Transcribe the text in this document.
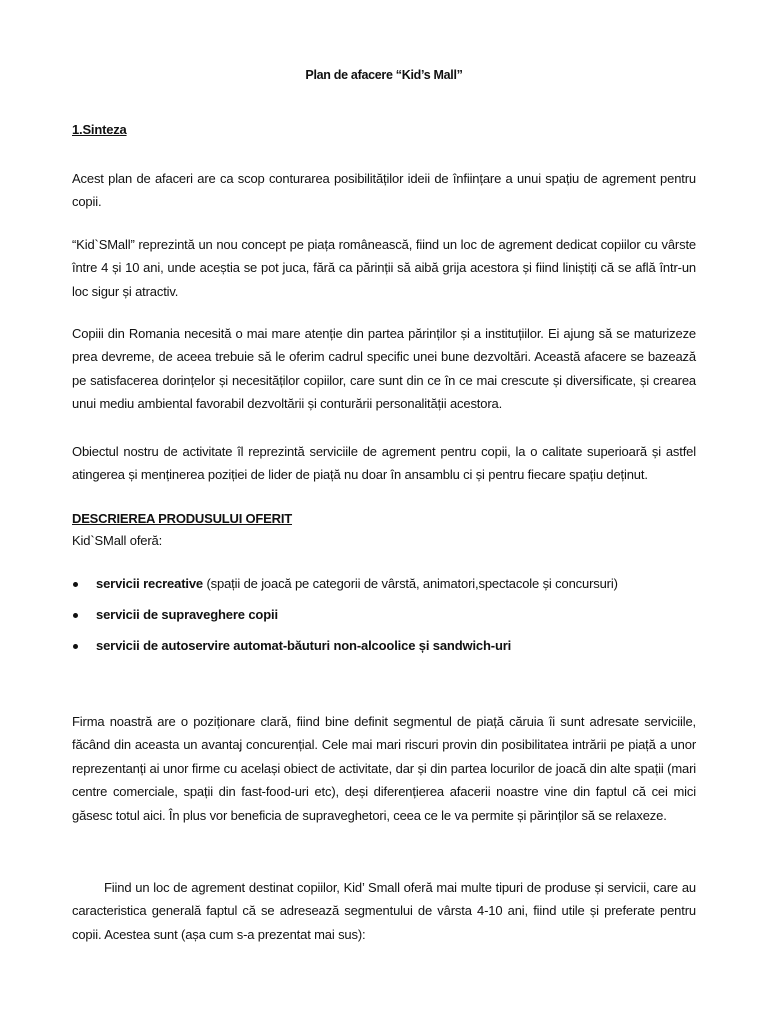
Plan de afacere “Kid’s Mall”
1.Sinteza
Acest plan de afaceri are ca scop conturarea posibilităților ideii de înființare a unui spațiu de agrement pentru copii.
“Kid`SMall” reprezintă un nou concept pe piața românească, fiind un loc de agrement dedicat copiilor cu vârste între 4 și 10 ani, unde aceștia se pot juca, fără ca părinții să aibă grija acestora și fiind liniștiți că se află într-un loc sigur și atractiv.
Copiii din Romania necesită o mai mare atenție din partea părinților și a instituțiilor. Ei ajung să se maturizeze prea devreme, de aceea trebuie să le oferim cadrul specific unei bune dezvoltări. Această afacere se bazează pe satisfacerea dorințelor și necesităților copiilor, care sunt din ce în ce mai crescute și diversificate, și crearea unui mediu ambiental favorabil dezvoltării și conturării personalității acestora.
Obiectul nostru de activitate îl reprezintă serviciile de agrement pentru copii, la o calitate superioară și astfel atingerea și menținerea poziției de lider de piață nu doar în ansamblu ci și pentru fiecare spațiu deținut.
DESCRIEREA PRODUSULUI OFERIT
Kid`SMall oferă:
servicii recreative (spații de joacă pe categorii de vârstă, animatori,spectacole și concursuri)
servicii de supraveghere copii
servicii de autoservire automat-băuturi non-alcoolice și sandwich-uri
Firma noastră are o poziționare clară, fiind bine definit segmentul de piață căruia îi sunt adresate serviciile, făcând din aceasta un avantaj concurențial. Cele mai mari riscuri provin din posibilitatea intrării pe piață a unor reprezentanți ai unor firme cu același obiect de activitate, dar și din partea locurilor de joacă din alte spații (mari centre comerciale, spații din fast-food-uri etc), deși diferențierea afacerii noastre vine din faptul că cei mici găsesc totul aici. În plus vor beneficia de supraveghetori, ceea ce le va permite și părinților să se relaxeze.
Fiind un loc de agrement destinat copiilor, Kid’ Small oferă mai multe tipuri de produse și servicii, care au caracteristica generală faptul că se adresează segmentului de vârsta 4-10 ani, fiind utile și preferate pentru copii. Acestea sunt (așa cum s-a prezentat mai sus):
